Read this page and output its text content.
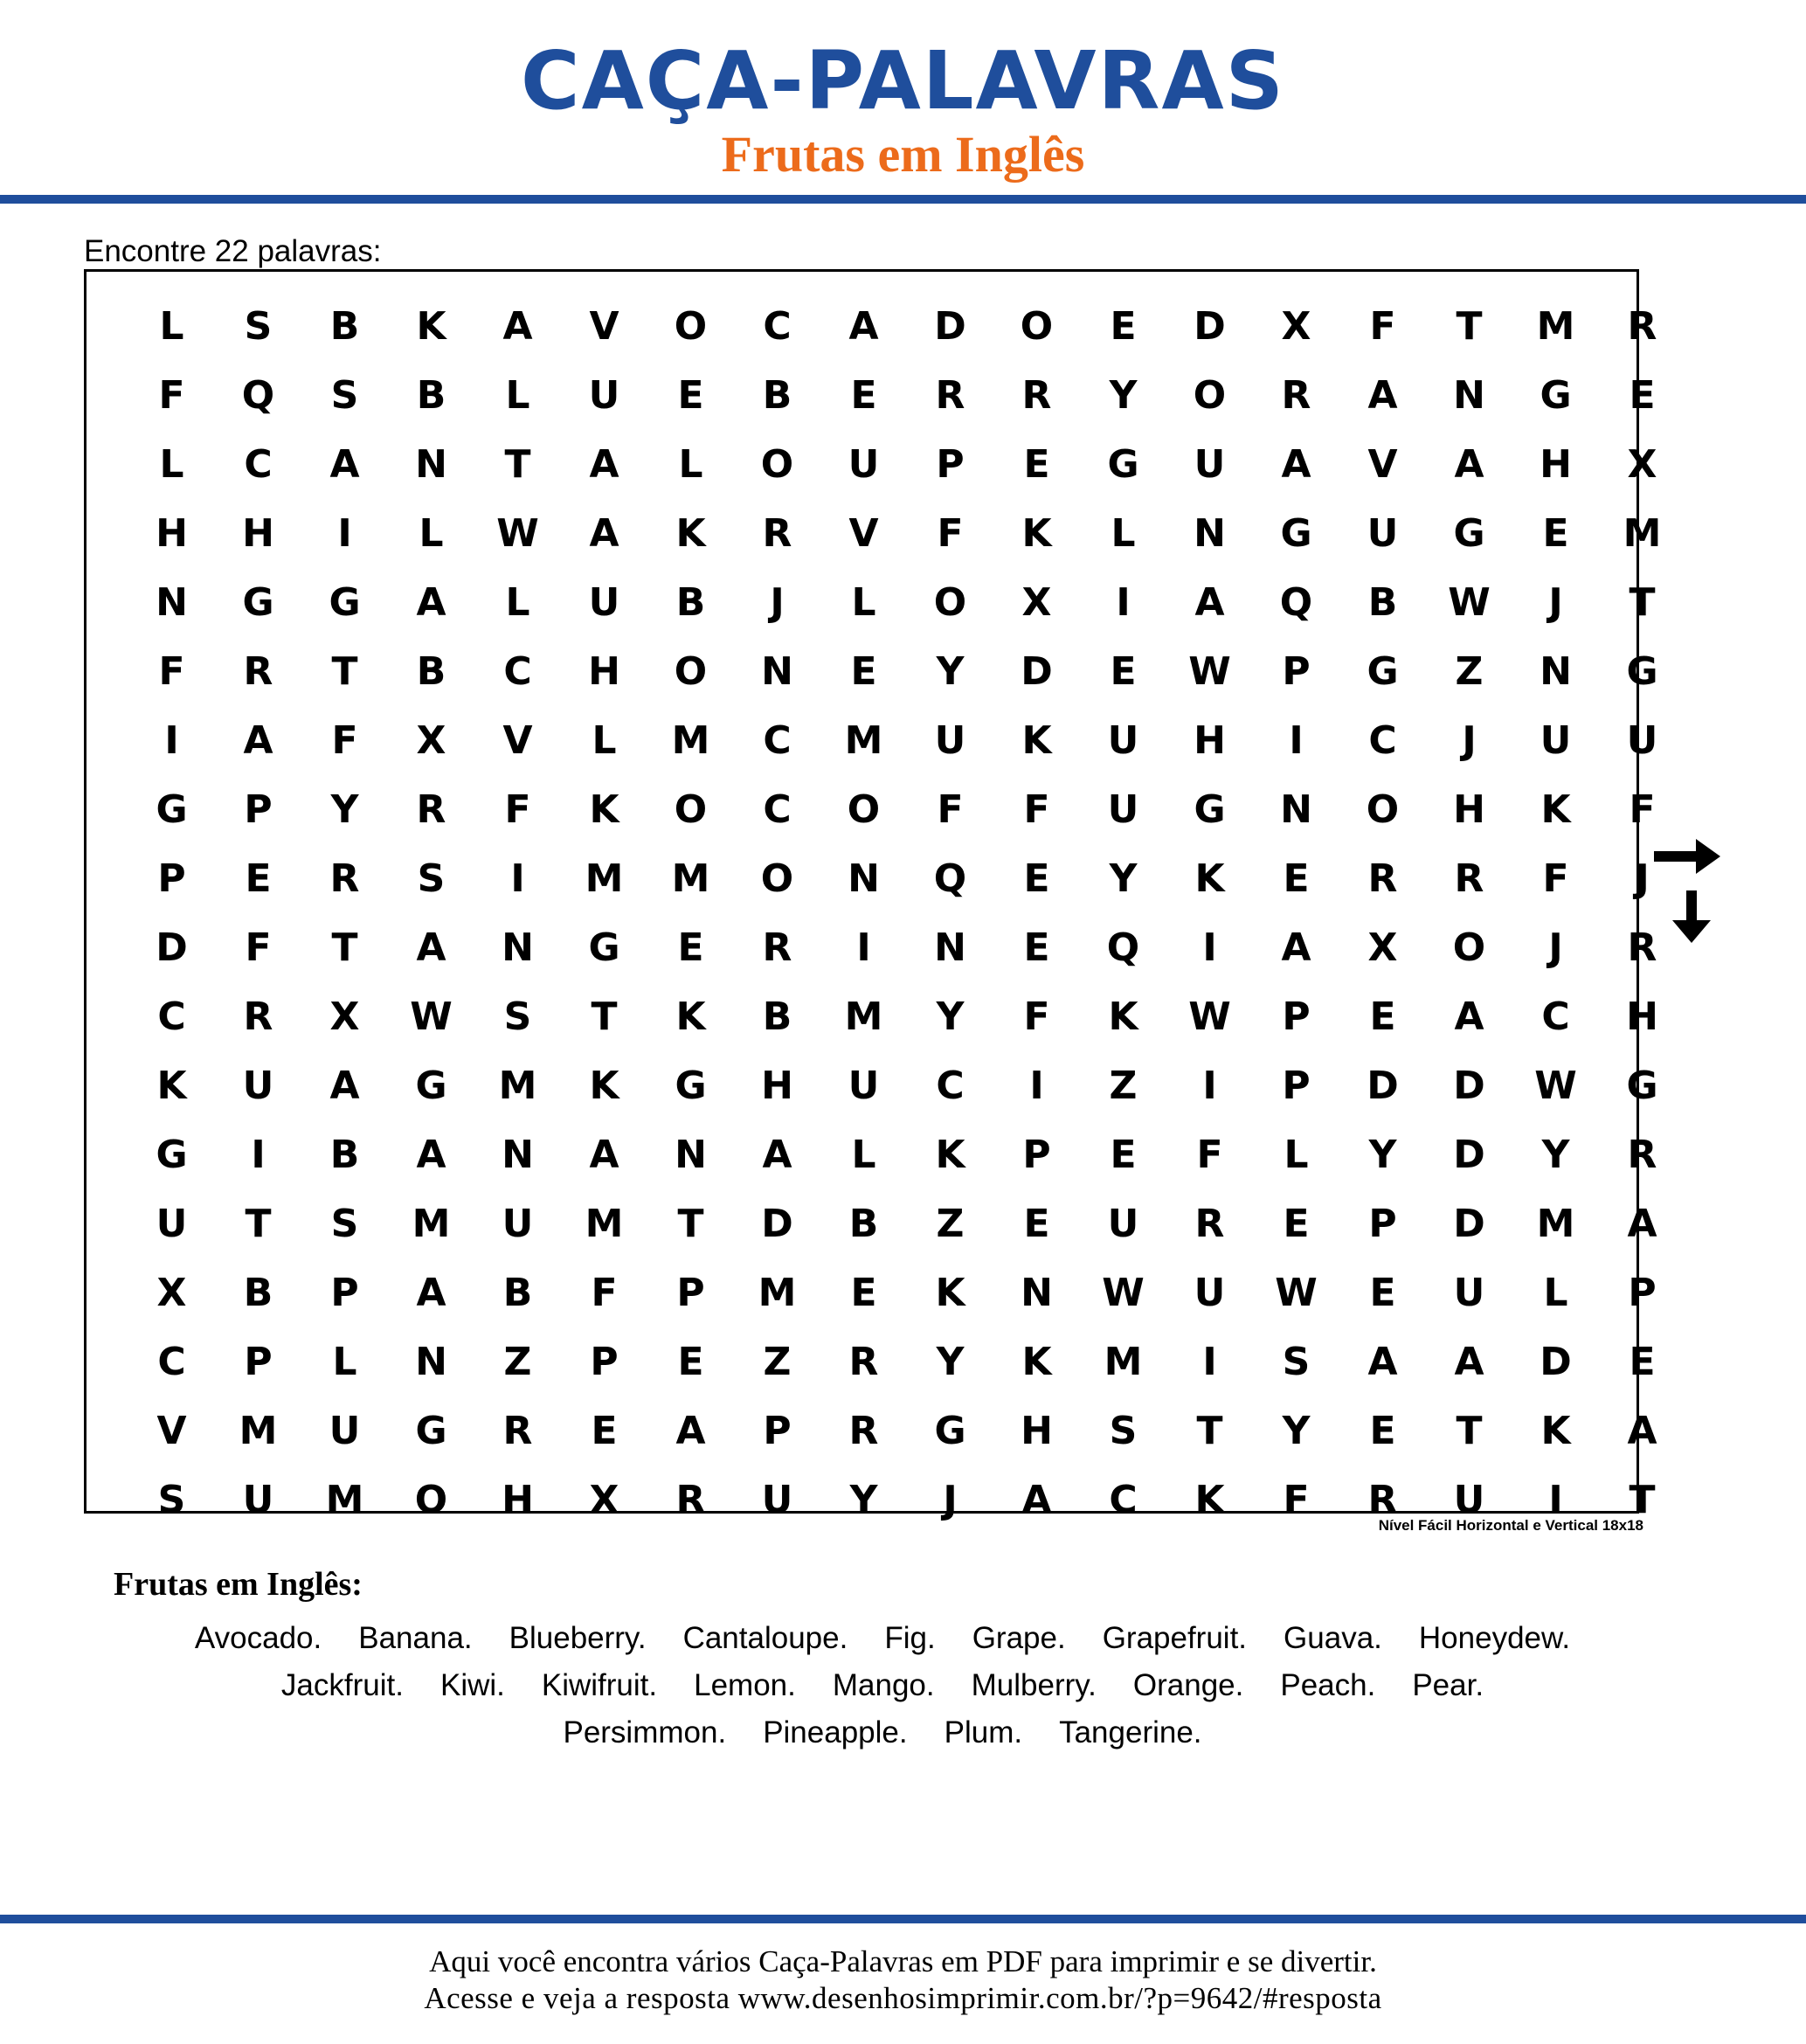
CAÇA-PALAVRAS
Frutas em Inglês
Encontre 22 palavras:
L	S	B	K	A	V	O	C	A	D	O	E	D	X	F	T	M	R
F	Q	S	B	L	U	E	B	E	R	R	Y	O	R	A	N	G	E
L	C	A	N	T	A	L	O	U	P	E	G	U	A	V	A	H	X
H	H	I	L	W	A	K	R	V	F	K	L	N	G	U	G	E	M
N	G	G	A	L	U	B	J	L	O	X	I	A	Q	B	W	J	T
F	R	T	B	C	H	O	N	E	Y	D	E	W	P	G	Z	N	G
I	A	F	X	V	L	M	C	M	U	K	U	H	I	C	J	U	U
G	P	Y	R	F	K	O	C	O	F	F	U	G	N	O	H	K	F
P	E	R	S	I	M	M	O	N	Q	E	Y	K	E	R	R	F	J
D	F	T	A	N	G	E	R	I	N	E	Q	I	A	X	O	J	R
C	R	X	W	S	T	K	B	M	Y	F	K	W	P	E	A	C	H
K	U	A	G	M	K	G	H	U	C	I	Z	I	P	D	D	W	G
G	I	B	A	N	A	N	A	L	K	P	E	F	L	Y	D	Y	R
U	T	S	M	U	M	T	D	B	Z	E	U	R	E	P	D	M	A
X	B	P	A	B	F	P	M	E	K	N	W	U	W	E	U	L	P
C	P	L	N	Z	P	E	Z	R	Y	K	M	I	S	A	A	D	E
V	M	U	G	R	E	A	P	R	G	H	S	T	Y	E	T	K	A
S	U	M	O	H	X	R	U	Y	J	A	C	K	F	R	U	I	T
Nível Fácil Horizontal e Vertical 18x18
Frutas em Inglês:
Avocado. Banana. Blueberry. Cantaloupe. Fig. Grape. Grapefruit. Guava. Honeydew.
Jackfruit. Kiwi. Kiwifruit. Lemon. Mango. Mulberry. Orange. Peach. Pear.
Persimmon. Pineapple. Plum. Tangerine.
Aqui você encontra vários Caça-Palavras em PDF para imprimir e se divertir.
Acesse e veja a resposta www.desenhosimprimir.com.br/?p=9642/#resposta
